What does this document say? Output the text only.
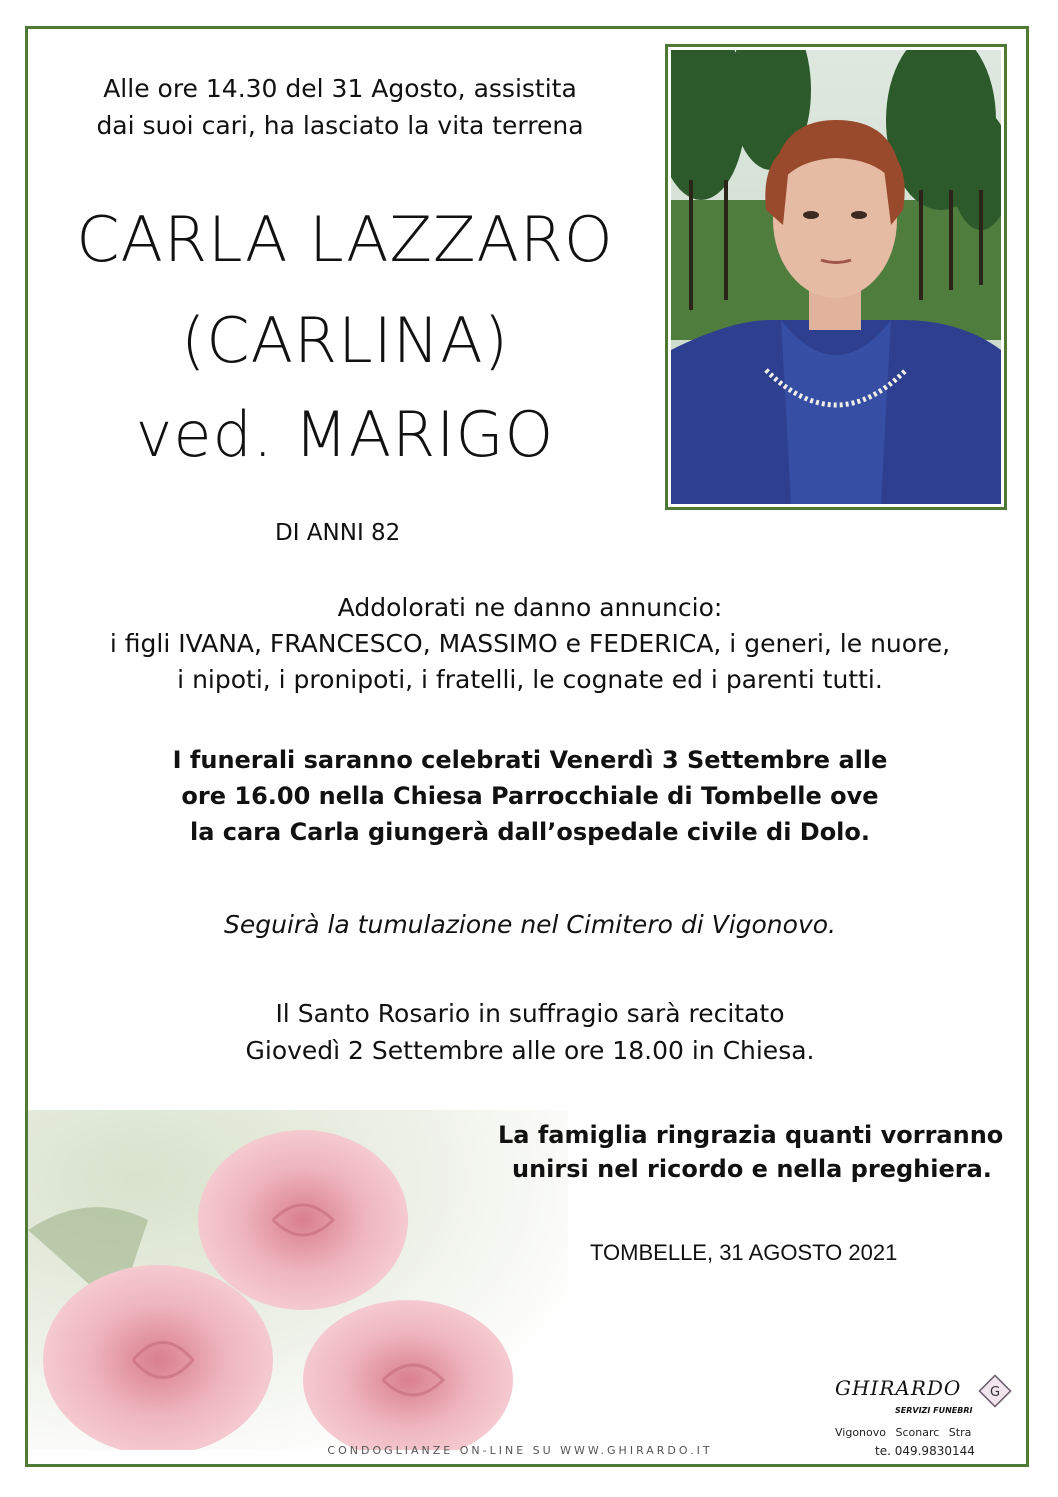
Alle ore 14.30 del 31 Agosto, assistita
dai suoi cari, ha lasciato la vita terrena
CARLA LAZZARO
(CARLINA)
ved. MARIGO
DI ANNI 82
Addolorati ne danno annuncio:
i figli IVANA, FRANCESCO, MASSIMO e FEDERICA, i generi, le nuore,
i nipoti, i pronipoti, i fratelli, le cognate ed i parenti tutti.
I funerali saranno celebrati Venerdì 3 Settembre alle
ore 16.00 nella Chiesa Parrocchiale di Tombelle ove
la cara Carla giungerà dall’ospedale civile di Dolo.
Seguirà la tumulazione nel Cimitero di Vigonovo.
Il Santo Rosario in suffragio sarà recitato
Giovedì 2 Settembre alle ore 18.00 in Chiesa.
La famiglia ringrazia quanti vorranno
unirsi nel ricordo e nella preghiera.
TOMBELLE, 31 AGOSTO 2021
GHIRARDO
SERVIZI FUNEBRI
G
Vigonovo Sconarc Stra
te. 049.9830144
CONDOGLIANZE ON-LINE SU WWW.GHIRARDO.IT
